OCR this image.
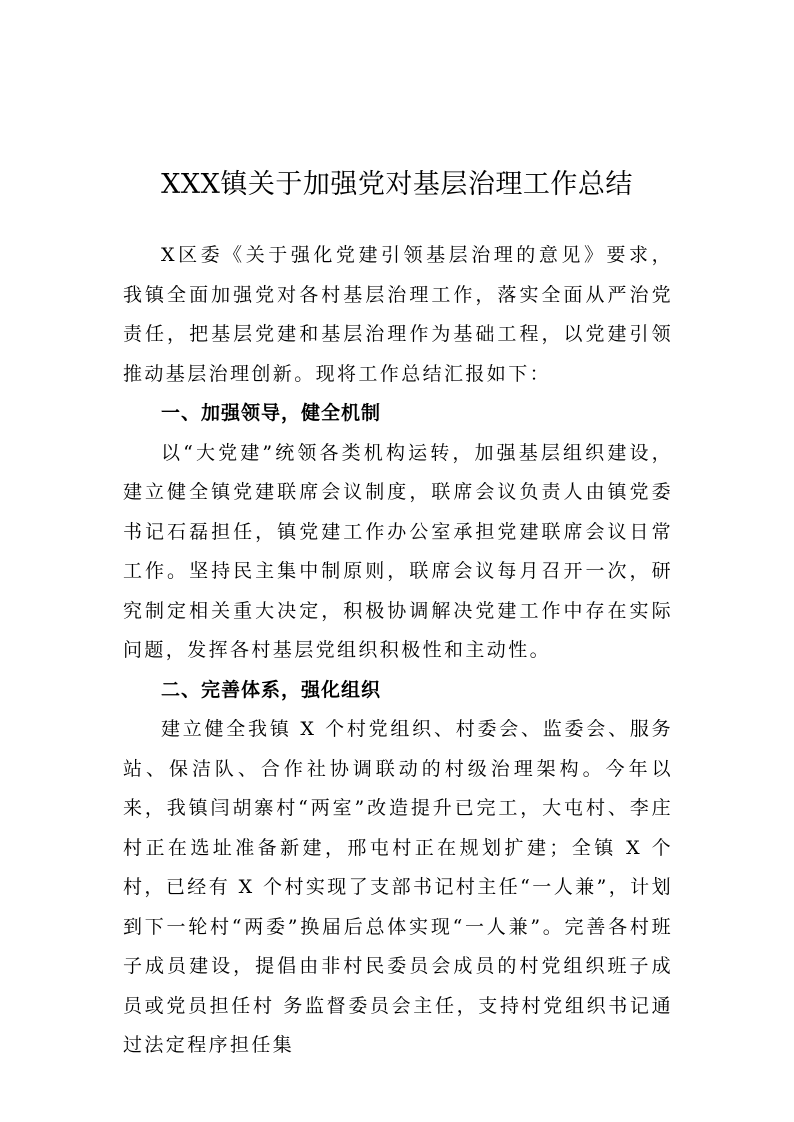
XXX镇关于加强党对基层治理工作总结

X区委《关于强化党建引领基层治理的意见》要求， 我镇全面加强党对各村基层治理工作，落实全面从严治党责任，把基层党建和基层治理作为基础工程，以党建引领推动基层治理创新。现将工作总结汇报如下：

一、加强领导，健全机制

以“大党建”统领各类机构运转，加强基层组织建设，建立健全镇党建联席会议制度，联席会议负责人由镇党委书记石磊担任，镇党建工作办公室承担党建联席会议日常工作。坚持民主集中制原则，联席会议每月召开一次，研究制定相关重大决定，积极协调解决党建工作中存在实际问题，发挥各村基层党组织积极性和主动性。

二、完善体系，强化组织

建立健全我镇 X 个村党组织、村委会、监委会、服务站、保洁队、合作社协调联动的村级治理架构。今年以来，我镇闫胡寨村“两室”改造提升已完工，大屯村、李庄村正在选址准备新建，邢屯村正在规划扩建；全镇 X 个村，已经有 X 个村实现了支部书记村主任“一人兼”，计划到下一轮村“两委”换届后总体实现“一人兼”。完善各村班子成员建设，提倡由非村民委员会成员的村党组织班子成员或党员担任村 务监督委员会主任，支持村党组织书记通过法定程序担任集
